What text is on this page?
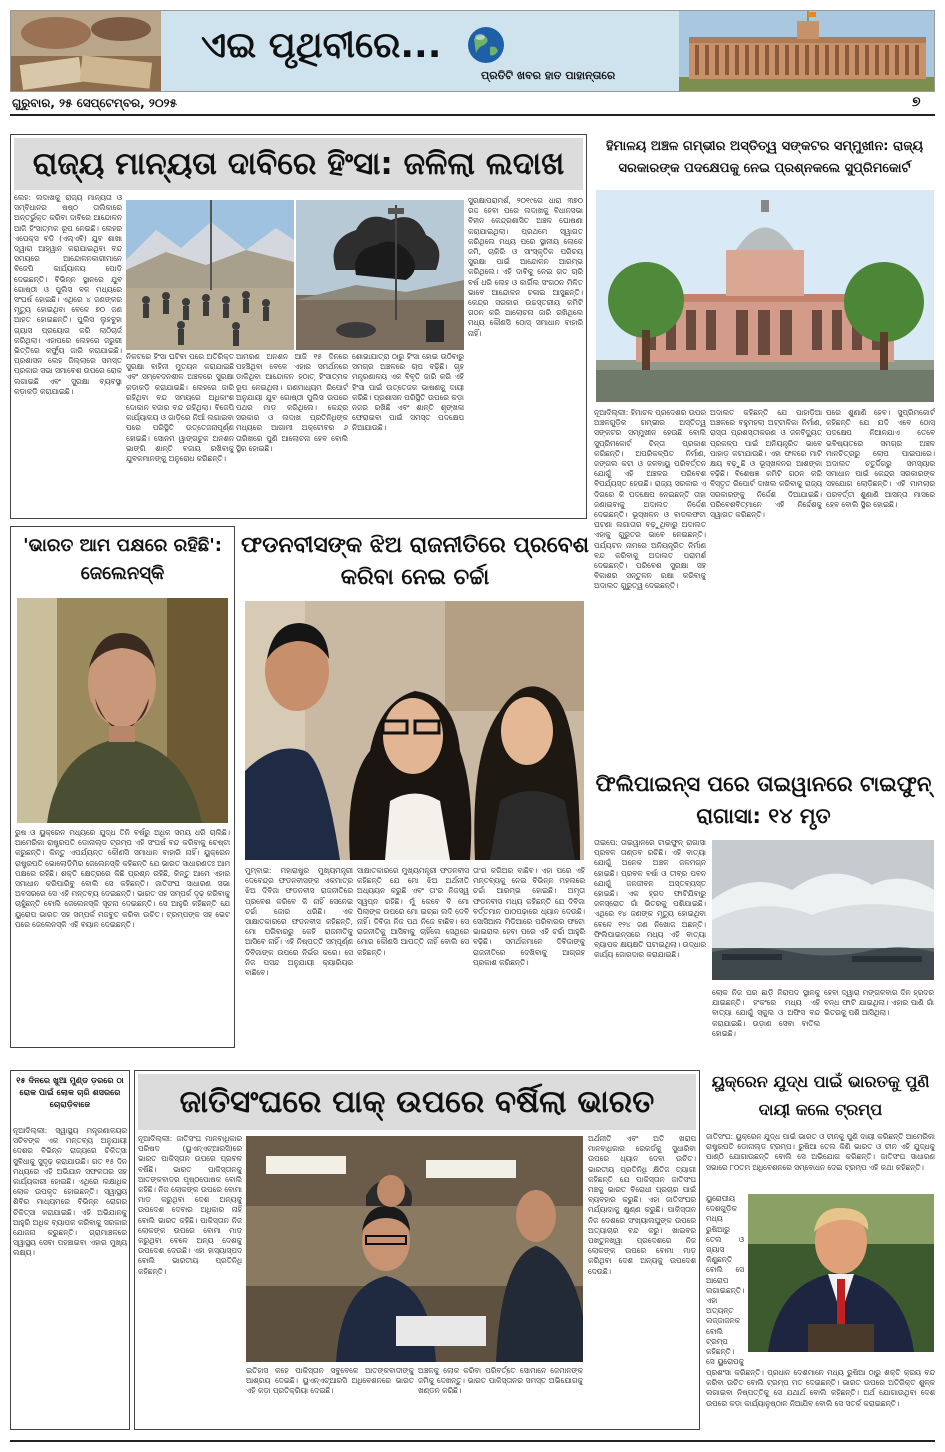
ଏଇ ପୃଥିବୀରେ...
ପ୍ରତିଟି ଖବର ହାତ ପାହାନ୍ତାରେ
ଗୁରୁବାର, ୨୫ ସେପ୍ଟେମ୍ବର, ୨୦୨୫	୭
ରାଜ୍ୟ ମାନ୍ୟତା ଦାବିରେ ହିଂସା: ଜଳିଲା ଲଦାଖ
ଲେହ: ଲଦାଖକୁ ରାଜ୍ୟ ମାନ୍ୟତା ଓ ସମ୍ବିଧାନର ଷଷ୍ଠ ତାଲିକାରେ ଅନ୍ତର୍ଭୁକ୍ତ କରିବା ଦାବିରେ ଆନ୍ଦୋଳନ ଆଜି ହିଂସାତ୍ମକ ରୂପ ନେଇଛି। ଲେହର ଏପେକ୍ସ ବଡି (ଏଲ୍‌ଏବି) ଯୁବ ଶାଖା ଦ୍ୱାରା ଆହ୍ୱାନ କରାଯାଇଥିବା ବନ୍ଦ ସମୟରେ ଆନ୍ଦୋଳନକାରୀମାନେ ବିଜେପି କାର୍ଯ୍ୟାଳୟ ପୋଡ଼ି ଦେଇଛନ୍ତି। ବିଭିନ୍ନ ସ୍ଥାନରେ ଯୁବ ଗୋଷ୍ଠୀ ଓ ପୁଲିସ ବଳ ମଧ୍ୟରେ ସଂଘର୍ଷ ହୋଇଛି। ଏଥିରେ ୪ ଜଣଙ୍କର ମୃତ୍ୟୁ ହୋଇଥିବା ବେଳେ ୭୦ ଜଣ ଆହତ ହୋଇଛନ୍ତି। ପୁଲିସ ଲୁହବୁହା ଗ୍ୟାସ ପ୍ରୟୋଗ କରି ଲାଠିଚାର୍ଜ କରିଥିଲା। ଏହାପରେ ଲେହରେ ଜରୁରୀ ଭିତ୍ତିରେ କର୍ଫ୍ୟୁ ଜାରି କରାଯାଇଛି। ପ୍ରଶାସନ ଲେହ ଜିଲ୍ଲାରେ ସମସ୍ତ ପ୍ରକାର ସଭା ସମାବେଶ ଉପରେ ରୋକ ଲଗାଇଛି ଏବଂ ସୁରକ୍ଷା ବ୍ୟବସ୍ଥା କଡ଼ାକଡ଼ି କରାଯାଇଛି।
ନିକଟରେ ହିଂସା ଘଟିବା ପରେ ଅତିରିକ୍ତ ସୁରକ୍ଷା ବାହିନୀ ମୁତୟନ କରାଯାଇଛି ଏବଂ ସମ୍ବେଦନଶୀଳ ଅଞ୍ଚଳରେ ସୁରକ୍ଷା କଡ଼ାକଡ଼ି କରାଯାଇଛି। ଲେହରେ ଜାରି ରହିଥିବା ବନ୍ଦ ସମୟରେ ଅଧିକାଂଶ ଦୋକାନ ବଜାର ବନ୍ଦ ରହିଥିଲା। ବିଜେପି କାର୍ଯ୍ୟାଳୟ ଓ ଗାଡ଼ିରେ ନିଆଁ ଲଗାଇବା ପରେ ପରିସ୍ଥିତି ଉତ୍ତେଜନାପୂର୍ଣ୍ଣ ହୋଇଛି। ସୋନମ ୱାଙ୍ଗଚୁକ ଅନଶନ ଭାଙ୍ଗି ଶାନ୍ତି ବଜାୟ ରଖିବାକୁ ଯୁବକମାନଙ୍କୁ ଅନୁରୋଧ କରିଛନ୍ତି।
ଆମରଣ ଅନଶନ ଆଜି ୧୫ ଦିନରେ ପହଞ୍ଚିଥିବା ବେଳେ ଏହାର ସମର୍ଥନରେ ଡାକିଥିବା ଆନ୍ଦୋଳନ ହଠାତ୍ ହିଂସାତ୍ମକ ରୂପ ନେଇଥିଲା। ଗଣମାଧ୍ୟମ ରିପୋର୍ଟ ଅନୁଯାୟୀ ଯୁବ ଗୋଷ୍ଠୀ ପୁଲିସ ଉପରେ ପଥର ମାଡ଼ କରିଥିଲେ। କେନ୍ଦ୍ର ସରକାର ଓ ଲଦାଖ ପ୍ରତିନିଧିଙ୍କ ମଧ୍ୟରେ ଆଗାମୀ ଅକ୍ଟୋବର ୬ ତାରିଖରେ ପୁଣି ଆଲୋଚନା ହେବ ବୋଲି ସ୍ଥିର ହୋଇଛି।
ଶୋଭାଯାତ୍ରା ଠାରୁ ହିଂସା ହୋଇ ଉଠିବାରୁ ସମଗ୍ର ଅଞ୍ଚଳରେ ଚାପ ବଢ଼ିଛି। ଗୃହ ମନ୍ତ୍ରଣାଳୟ ଏକ ବିବୃତି ଜାରି କରି ଏହି ହିଂସା ପାଇଁ ଉତ୍ତେଜକ ଭାଷଣକୁ ଦାୟୀ କରିଛି। ପ୍ରଶାସନ ପରିସ୍ଥିତି ଉପରେ କଡ଼ା ନଜର ରଖିଛି ଏବଂ ଶାନ୍ତି ଶୃଙ୍ଖଳା ଫେରାଇବା ପାଇଁ ସମସ୍ତ ପଦକ୍ଷେପ ନିଆଯାଉଛି।
ସୁରକ୍ଷାପରାମର୍ଶ, ୨୦୧୯ରେ ଧାରା ୩୭୦ ରଦ୍ଦ ହେବା ପରେ ଲଦାଖକୁ ବିଧାନସଭା ବିହୀନ କେନ୍ଦ୍ରଶାସିତ ଅଞ୍ଚଳ ଘୋଷଣା କରାଯାଇଥିଲା। ପ୍ରଥମେ ସ୍ୱାଗତ କରିଥିଲେ ମଧ୍ୟ ପରେ ସ୍ଥାନୀୟ ଲୋକେ ଜମି, ଚାକିରି ଓ ସାଂସ୍କୃତିକ ପରିଚୟ ସୁରକ୍ଷା ପାଇଁ ଆନ୍ଦୋଳନ ଆରମ୍ଭ କରିଥିଲେ। ଏହି ଦାବିକୁ ନେଇ ଗତ ଚାରି ବର୍ଷ ଧରି ଲେହ ଓ କାର୍ଗିଲ ସଂଗଠନ ମିଳିତ ଭାବେ ଆନ୍ଦୋଳନ ଚଳାଇ ଆସୁଛନ୍ତି। କେନ୍ଦ୍ର ସରକାର ଉଚ୍ଚସ୍ତରୀୟ କମିଟି ଗଠନ କରି ଆଲୋଚନା ଜାରି ରଖିଥିଲେ ମଧ୍ୟ କୌଣସି ଠୋସ୍ ସମାଧାନ ବାହାରି ନାହିଁ।
ହିମାଳୟ ଅଞ୍ଚଳ ଗମ୍ଭୀର ଅସ୍ତିତ୍ୱ ସଙ୍କଟର ସମ୍ମୁଖୀନ: ରାଜ୍ୟ ସରକାରଙ୍କ ପଦକ୍ଷେପକୁ ନେଇ ପ୍ରଶ୍ନକଲେ ସୁପ୍ରିମକୋର୍ଟ
ନୂଆଦିଲ୍ଲୀ: ହିମାଚଳ ପ୍ରଦେଶର ଉପର ଅଞ୍ଚଳଗୁଡ଼ିକ ଗମ୍ଭୀର ଅସ୍ତିତ୍ୱ ସଙ୍କଟର ସମ୍ମୁଖୀନ ହେଉଛି ବୋଲି ସୁପ୍ରିମକୋର୍ଟ ଚିନ୍ତା ପ୍ରକାଶ କରିଛନ୍ତି। ଅପରିକଳ୍ପିତ ନିର୍ମାଣ, ଜଙ୍ଗଲ କଟା ଓ ଜଳବାୟୁ ପରିବର୍ତ୍ତନ ଯୋଗୁଁ ଏହି ଅଞ୍ଚଳର ପରିବେଶ ବିପର୍ଯ୍ୟସ୍ତ ହେଉଛି। ରାଜ୍ୟ ସରକାର ଏ ଦିଗରେ କି ପଦକ୍ଷେପ ନେଇଛନ୍ତି ତାହା ଜଣାଇବାକୁ ଅଦାଲତ ନିର୍ଦ୍ଦେଶ ଦେଇଛନ୍ତି। ଭୂସ୍ଖଳନ ଓ ବାଦଲଫଟା ଘଟଣା ଲଗାତାର ବଢ଼ୁଥିବାରୁ ଅଦାଲତ ଏହାକୁ ଗୁରୁତର ଭାବେ ନେଇଛନ୍ତି। ପର୍ଯ୍ୟଟନ ନାମରେ ଅନିୟନ୍ତ୍ରିତ ନିର୍ମାଣ ବନ୍ଦ କରିବାକୁ ଅଦାଲତ ପରାମର୍ଶ ଦେଇଛନ୍ତି। ପରିବେଶ ସୁରକ୍ଷା ସହ ବିକାଶର ସନ୍ତୁଳନ ରକ୍ଷା କରିବାକୁ ଅଦାଲତ ଗୁରୁତ୍ୱ ଦେଇଛନ୍ତି।
ଅଦାଲତ କହିଛନ୍ତି ଯେ ପାହାଡ଼ିଆ ଅଞ୍ଚଳରେ ବହୁମହଲା ଅଟ୍ଟାଳିକା ନିର୍ମାଣ, ରାସ୍ତା ପ୍ରଶସ୍ତୀକରଣ ଓ ଜଳବିଦ୍ୟୁତ୍ ପ୍ରକଳ୍ପ ପାଇଁ ଅନିୟନ୍ତ୍ରିତ ଭାବେ ପାହାଡ଼ କଟାଯାଉଛି। ଏହା ଫଳରେ ମାଟି କ୍ଷୟ ବଢ଼ୁଛି ଓ ଭୂସ୍ଖଳନର ଆଶଙ୍କା ବଢ଼ିଛି। ବିଶେଷଜ୍ଞ କମିଟି ଗଠନ କରି ବିସ୍ତୃତ ରିପୋର୍ଟ ଦାଖଲ କରିବାକୁ ରାଜ୍ୟ ସରକାରଙ୍କୁ ନିର୍ଦ୍ଦେଶ ଦିଆଯାଇଛି। ପରିବେଶବିତ୍‌ମାନେ ଏହି ନିର୍ଦ୍ଦେଶକୁ ସ୍ୱାଗତ କରିଛନ୍ତି।
ପରେ ଶୁଣାଣି ହେବ। ସୁପ୍ରିମକୋର୍ଟ କହିଛନ୍ତି ଯେ ଯଦି ଏବେ ଠୋସ୍ ପଦକ୍ଷେପ ନିଆନଯାଏ ତେବେ ଭବିଷ୍ୟତରେ ସମଗ୍ର ଅଞ୍ଚଳ ମାନଚିତ୍ରରୁ ଲୋପ ପାଇପାରେ। ଅଦାଲତ ଚତୁର୍ଦ୍ଦିଗରୁ ସମସ୍ୟାର ସମାଧାନ ପାଇଁ କେନ୍ଦ୍ର ସରକାରଙ୍କ ସହଯୋଗ ଲୋଡ଼ିଛନ୍ତି। ଏହି ମାମଲାର ପରବର୍ତ୍ତୀ ଶୁଣାଣି ଆସନ୍ତା ମାସରେ ହେବ ବୋଲି ସ୍ଥିର ହୋଇଛି।
'ଭାରତ ଆମ ପକ୍ଷରେ ରହିଛି': ଜେଲେନସ୍କି
ରୁଷ ଓ ୟୁକ୍ରେନ ମଧ୍ୟରେ ଯୁଦ୍ଧ ତିନି ବର୍ଷରୁ ଅଧିକ ସମୟ ଧରି ଚାଲିଛି। ଆମେରିକା ରାଷ୍ଟ୍ରପତି ଡୋନାଲ୍ଡ ଟ୍ରମ୍ପ ଏହି ସଂଘର୍ଷ ବନ୍ଦ କରିବାକୁ ଚେଷ୍ଟା କରୁଛନ୍ତି। କିନ୍ତୁ ଏପର୍ଯ୍ୟନ୍ତ କୌଣସି ସମାଧାନ ବାହାରି ନାହିଁ। ୟୁକ୍ରେନ ରାଷ୍ଟ୍ରପତି ଭୋଲୋଡିମିର ଜେଲେନସ୍କି କହିଛନ୍ତି ଯେ ଭାରତ ସାଧାରଣତଃ ଆମ ପକ୍ଷରେ ରହିଛି। ଶକ୍ତି କ୍ଷେତ୍ରରେ କିଛି ପ୍ରଶ୍ନ ରହିଛି, କିନ୍ତୁ ଆମେ ଏହାର ସମାଧାନ କରିପାରିବୁ ବୋଲି ସେ କହିଛନ୍ତି। ଜାତିସଂଘ ସାଧାରଣ ସଭା ଅବସରରେ ସେ ଏହି ମନ୍ତବ୍ୟ ଦେଇଛନ୍ତି। ଭାରତ ସହ ସମ୍ପର୍କ ଦୃଢ଼ କରିବାକୁ ଚାହୁଁଛନ୍ତି ବୋଲି ଜେଲେନସ୍କି ସୂଚନା ଦେଇଛନ୍ତି। ସେ ଆହୁରି କହିଛନ୍ତି ଯେ ୟୁରୋପ ଭାରତ ସହ ସମ୍ପର୍କ ମଜବୁତ କରିବା ଉଚିତ। ଟ୍ରମ୍ପଙ୍କ ସହ ଭେଟ ପରେ ଜେଲେନସ୍କି ଏହି ବୟାନ ଦେଇଛନ୍ତି।
ଫଡନବୀସଙ୍କ ଝିଅ ରାଜନୀତିରେ ପ୍ରବେଶ କରିବା ନେଇ ଚର୍ଚ୍ଚା
ମୁମ୍ବାଇ: ମହାରାଷ୍ଟ୍ର ମୁଖ୍ୟମନ୍ତ୍ରୀ ଦେବେନ୍ଦ୍ର ଫଡନବୀସଙ୍କ ଏକମାତ୍ର ଝିଅ ଦିବିଜା ଫଡନବୀସ ରାଜନୀତିରେ ପ୍ରବେଶ କରିବେ କି ନାହିଁ ସେନେଇ ଚର୍ଚ୍ଚା ଜୋର ଧରିଛି। ଏକ ସାକ୍ଷାତକାରରେ ଫଡନବୀସ କହିଛନ୍ତି, ମୋ ପରିବାରରୁ କେହି ରାଜନୀତିକୁ ଆସିବେ ନାହିଁ। ଏହି ନିଷ୍ପତ୍ତି ସମ୍ପୂର୍ଣ୍ଣ ଦିବିଜାଙ୍କ ଉପରେ ନିର୍ଭର କରେ। ସେ ନିଜ ପସନ୍ଦ ଅନୁଯାୟୀ କ୍ୟାରିୟର ବାଛିବେ।
ସାକ୍ଷାତକାରରେ ମୁଖ୍ୟମନ୍ତ୍ରୀ ଫଡନବୀସ କହିଛନ୍ତି ଯେ ମୋ ଝିଅ ଅର୍ଥନୀତି ଅଧ୍ୟୟନ କରୁଛି ଏବଂ ତା'ର ନିଜସ୍ୱ ସ୍ୱପ୍ନ ରହିଛି। ମୁଁ କେବେ ବି ମୋ ପିଲାଙ୍କ ଉପରେ ମୋ ଇଚ୍ଛା ଲଦି ଦେବି ନାହିଁ। ଦିବିଜା ନିଜ ପଥ ନିଜେ ବାଛିବ। ସେ ରାଜନୀତିକୁ ଆସିବାକୁ ଚାହିଁଲେ ସେଥିରେ ମୋର କୌଣସି ଆପତ୍ତି ନାହିଁ ବୋଲି ସେ କହିଛନ୍ତି।
ତା'ର କରିଅର ବାଛିବ। ଏହା ପରେ ଏହି ମନ୍ତବ୍ୟକୁ ନେଇ ବିଭିନ୍ନ ମହଲରେ ଚର୍ଚ୍ଚା ଆରମ୍ଭ ହୋଇଛି। ଅମୃତା ଫଡନବୀସ ମଧ୍ୟ କହିଛନ୍ତି ଯେ ଦିବିଜା ବର୍ତ୍ତମାନ ପାଠପଢ଼ାରେ ଧ୍ୟାନ ଦେଉଛି। ସୋସିଆଲ ମିଡିଆରେ ପରିବାରର ଫଟୋ ଭାଇରାଲ ହେବା ପରେ ଏହି ଚର୍ଚ୍ଚା ଆହୁରି ବଢ଼ିଛି। ସମର୍ଥକମାନେ ଦିବିଜାଙ୍କୁ ରାଜନୀତିରେ ଦେଖିବାକୁ ଆଗ୍ରହ ପ୍ରକାଶ କରିଛନ୍ତି।
ଫିଲିପାଇନ୍ସ ପରେ ତାଇୱାନରେ ଟାଇଫୁନ୍ ରାଗାସା: ୧୪ ମୃତ
ତାଇପେ: ତାଇୱାନରେ ଟାଇଫୁନ୍ ରାଗାସା ପ୍ରବଳ ତାଣ୍ଡବ ରଚିଛି। ଏହି ବାତ୍ୟା ଯୋଗୁଁ ଅନେକ ଅଞ୍ଚଳ ଜଳମଗ୍ନ ହୋଇଛି। ପ୍ରବଳ ବର୍ଷା ଓ ତୀବ୍ର ପବନ ଯୋଗୁଁ ଜନଜୀବନ ଅସ୍ତବ୍ୟସ୍ତ ହୋଇଛି। ଏକ ହ୍ରଦ ଫାଟିଯିବାରୁ ଜଳସ୍ରୋତ ଗାଁ ଭିତରକୁ ପଶିଯାଇଛି। ଏଥିରେ ୧୪ ଜଣଙ୍କ ମୃତ୍ୟୁ ହୋଇଥିବା ବେଳେ ୧୨୪ ଜଣ ନିଖୋଜ ଅଛନ୍ତି। ଫିଲିପାଇନ୍ସରେ ମଧ୍ୟ ଏହି ବାତ୍ୟା ବ୍ୟାପକ କ୍ଷୟକ୍ଷତି ଘଟାଇଥିଲା। ଉଦ୍ଧାର କାର୍ଯ୍ୟ ଜୋରଦାର କରାଯାଇଛି।
ଲୋକ ନିଜ ଘର ଛାଡ଼ି ନିରାପଦ ସ୍ଥାନକୁ ଯାଇଛନ୍ତି। ହଂକଂରେ ମଧ୍ୟ ଏହି ବାତ୍ୟା ଯୋଗୁଁ ସ୍କୁଲ ଓ ଅଫିସ ବନ୍ଦ କରାଯାଇଛି। ଉଡ଼ାଣ ସେବା ବାତିଲ ହୋଇଛି।
ହେବା ଦ୍ୱାରା ମଙ୍ଗଳବାର ଦିନ ହ୍ରଦର ବନ୍ଧ ଫାଟି ଯାଇଥିଲା। ଏହାର ପାଣି ଗାଁ ଭିତରକୁ ପଶି ଆସିଥିଲା।
୧୫ ଦିନରେ ଖୁଆ ମୁଣ୍ଡ ଡ଼ରରେ ଠା ରୋକ ପାଇଁ ଲୋକ ଚାରି ଶସରରେ ଚୋରାଡ଼ିବାଜେ
ନୂଆଦିଲ୍ଲୀ: ସ୍ୱାସ୍ଥ୍ୟ ମନ୍ତ୍ରଣାଳୟର ସଚିବଙ୍କ ଏକ ମନ୍ତବ୍ୟ ଅନୁଯାୟୀ ଦେଶର ବିଭିନ୍ନ ରାଜ୍ୟରେ ଚିକିତ୍ସା ସୁବିଧାକୁ ସୁଦୃଢ଼ କରାଯାଉଛି। ଗତ ୧୫ ଦିନ ମଧ୍ୟରେ ଏହି ଅଭିଯାନ ସଫଳତାର ସହ କାର୍ଯ୍ୟକାରୀ ହୋଇଛି। ଏଥିରେ ଲକ୍ଷାଧିକ ଲୋକ ଉପକୃତ ହୋଇଛନ୍ତି। ସ୍ୱାସ୍ଥ୍ୟ ଶିବିର ମାଧ୍ୟମରେ ବିଭିନ୍ନ ରୋଗର ଚିକିତ୍ସା କରାଯାଇଛି। ଏହି ଅଭିଯାନକୁ ଆହୁରି ଅଧିକ ବ୍ୟାପକ କରିବାକୁ ସରକାର ଯୋଜନା କରୁଛନ୍ତି। ଗ୍ରାମାଞ୍ଚଳରେ ସ୍ୱାସ୍ଥ୍ୟ ସେବା ପହଞ୍ଚାଇବା ଏହାର ମୁଖ୍ୟ ଲକ୍ଷ୍ୟ।
ଜାତିସଂଘରେ ପାକ୍ ଉପରେ ବର୍ଷିଲା ଭାରତ
ନୂଆଦିଲ୍ଲୀ: ଜାତିସଂଘ ମାନବାଧିକାର ପରିଷଦ (ୟୁଏନ୍‌ଏଚ୍‌ଆରସି)ରେ ଭାରତ ପାକିସ୍ତାନ ଉପରେ ପ୍ରବଳ ବର୍ଷିଛି। ଭାରତ ପାକିସ୍ତାନକୁ ଆତଙ୍କବାଦର ପୃଷ୍ଠପୋଷକ ବୋଲି କହିଛି। ନିଜ ଲୋକଙ୍କ ଉପରେ ବୋମା ମାଡ଼ କରୁଥିବା ଦେଶ ଅନ୍ୟକୁ ଉପଦେଶ ଦେବାର ଅଧିକାର ନାହିଁ ବୋଲି ଭାରତ କହିଛି। ପାକିସ୍ତାନ ନିଜ ଲୋକଙ୍କ ଉପରେ ବୋମା ମାଡ଼ କରୁଥିବା ବେଳେ ଅନ୍ୟ ଦେଶକୁ ଉପଦେଶ ଦେଉଛି। ଏହା ହାସ୍ୟାସ୍ପଦ ବୋଲି ଭାରତୀୟ ପ୍ରତିନିଧି କହିଛନ୍ତି।
ଅର୍ଥନୀତି ଏବଂ ଅତି ଖରାପ ମାନବାଧିକାର ରେକର୍ଡକୁ ସୁଧାରିବା ଉପରେ ଧ୍ୟାନ ଦେବା ଉଚିତ। ଭାରତୀୟ ପ୍ରତିନିଧି କ୍ଷିତିଜ ତ୍ୟାଗୀ କହିଛନ୍ତି ଯେ ପାକିସ୍ତାନ ଜାତିସଂଘ ମଞ୍ଚକୁ ଭାରତ ବିରୋଧୀ ପ୍ରଚାର ପାଇଁ ବ୍ୟବହାର କରୁଛି। ଏହା ଜାତିସଂଘର ମର୍ଯ୍ୟାଦାକୁ କ୍ଷୁଣ୍ଣ କରୁଛି। ପାକିସ୍ତାନ ନିଜ ଦେଶରେ ସଂଖ୍ୟାଲଘୁଙ୍କ ଉପରେ ଅତ୍ୟାଚାର ବନ୍ଦ କରୁ। ଖାଇବର ପଖତୁନଖ୍ୱା ପ୍ରଦେଶରେ ନିଜ ଲୋକଙ୍କ ଉପରେ ବୋମା ମାଡ଼ କରିଥିବା ଦେଶ ଅନ୍ୟକୁ ଉପଦେଶ ଦେଉଛି।
ଇତିହାସ କହେ ପାକିସ୍ତାନ ସବୁବେଳେ ଆତଙ୍କବାଦୀଙ୍କୁ ଆଶ୍ରୟ ଦେଇଛି। ୟୁଏନ୍‌ଏଚ୍‌ଆରସି ଅଧିବେଶନରେ ଭାରତ ଏହି କଡ଼ା ପ୍ରତିକ୍ରିୟା ଦେଇଛି।
ଅଞ୍ଚଳକୁ ଲୋକ କରିବା ପରିବର୍ତ୍ତେ ସୋମାନେ ଜେମାନଙ୍କ ଜମିକୁ ଦେଖନ୍ତୁ। ଭାରତ ପାକିସ୍ତାନର ସମସ୍ତ ଅଭିଯୋଗକୁ ଖଣ୍ଡନ କରିଛି।
ୟୁକ୍ରେନ ଯୁଦ୍ଧ ପାଇଁ ଭାରତକୁ ପୁଣି ଦାୟୀ କଲେ ଟ୍ରମ୍ପ
ଜାତିସଂଘ: ୟୁକ୍ରେନ ଯୁଦ୍ଧ ପାଇଁ ଭାରତ ଓ ଚୀନକୁ ପୁଣି ଦାୟୀ କରିଛନ୍ତି ଆମେରିକା ରାଷ୍ଟ୍ରପତି ଡୋନାଲ୍ଡ ଟ୍ରମ୍ପ। ରୁଷିଆ ତେଲ କିଣି ଭାରତ ଓ ଚୀନ ଏହି ଯୁଦ୍ଧକୁ ପାଣ୍ଠି ଯୋଗାଉଛନ୍ତି ବୋଲି ସେ ଅଭିଯୋଗ କରିଛନ୍ତି। ଜାତିସଂଘ ସାଧାରଣ ସଭାରେ ୮୦ତମ ଅଧିବେଶନରେ ସମ୍ବୋଧନ ଦେଇ ଟ୍ରମ୍ପ ଏହି କଥା କହିଛନ୍ତି।
ୟୁରୋପୀୟ ଦେଶଗୁଡ଼ିକ ମଧ୍ୟ ରୁଷିଆରୁ ତେଲ ଓ ଗ୍ୟାସ କିଣୁଛନ୍ତି ବୋଲି ସେ ଆରୋପ ଲଗାଇଛନ୍ତି। ଏହା ଅତ୍ୟନ୍ତ ଲଜ୍ଜାଜନକ ବୋଲି ଟ୍ରମ୍ପ କହିଛନ୍ତି। ସେ ୟୁରୋପକୁ
ପ୍ରଶଂସା କରିଛନ୍ତି। ପ୍ରଧାନ ଦେଶମାନେ ମଧ୍ୟ ରୁଷିଆ ଠାରୁ ଶକ୍ତି କ୍ରୟ ବନ୍ଦ କରିବା ଉଚିତ ବୋଲି ଟ୍ରମ୍ପ ମତ ଦେଇଛନ୍ତି। ଭାରତ ଉପରେ ଅତିରିକ୍ତ ଶୁଳ୍କ ଲଗାଇବା ନିଷ୍ପତ୍ତିକୁ ସେ ଯଥାର୍ଥ ବୋଲି କହିଛନ୍ତି। ଅର୍ଥ ଯୋଗାଉଥିବା ଦେଶ ଉପରେ କଡ଼ା କାର୍ଯ୍ୟାନୁଷ୍ଠାନ ନିଆଯିବ ବୋଲି ସେ ସତର୍କ କରାଇଛନ୍ତି।
